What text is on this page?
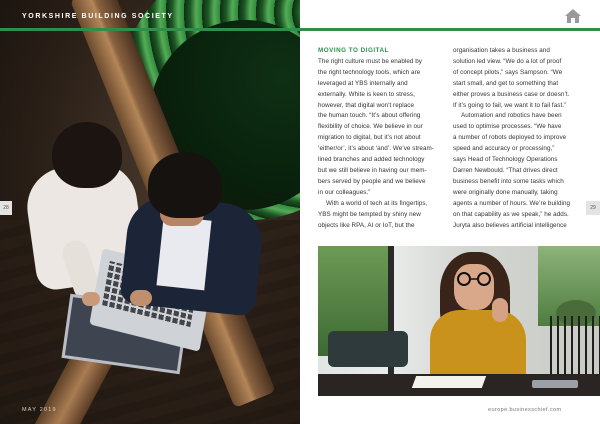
YORKSHIRE BUILDING SOCIETY
28
MAY 2019
MOVING TO DIGITAL
The right culture must be enabled by
the right technology tools, which are
leveraged at YBS internally and
externally. White is keen to stress,
however, that digital won't replace
the human touch. “It’s about offering
flexibility of choice. We believe in our
migration to digital, but it’s not about
‘either/or’, it’s about ‘and’. We’ve stream-
lined branches and added technology
but we still believe in having our mem-
bers served by people and we believe
in our colleagues.”
With a world of tech at its fingertips,
YBS might be tempted by shiny new
objects like RPA, AI or IoT, but the
organisation takes a business and
solution led view. “We do a lot of proof
of concept pilots,” says Sampson. “We
start small, and get to something that
either proves a business case or doesn’t.
If it’s going to fail, we want it to fail fast.”
Automation and robotics have been
used to optimise processes. “We have
a number of robots deployed to improve
speed and accuracy or processing,”
says Head of Technology Operations
Darren Newbould. “That drives direct
business benefit into some tasks which
were originally done manually, taking
agents a number of hours. We’re building
on that capability as we speak,” he adds.
Juryta also believes artificial intelligence
29
europe.businesschief.com
